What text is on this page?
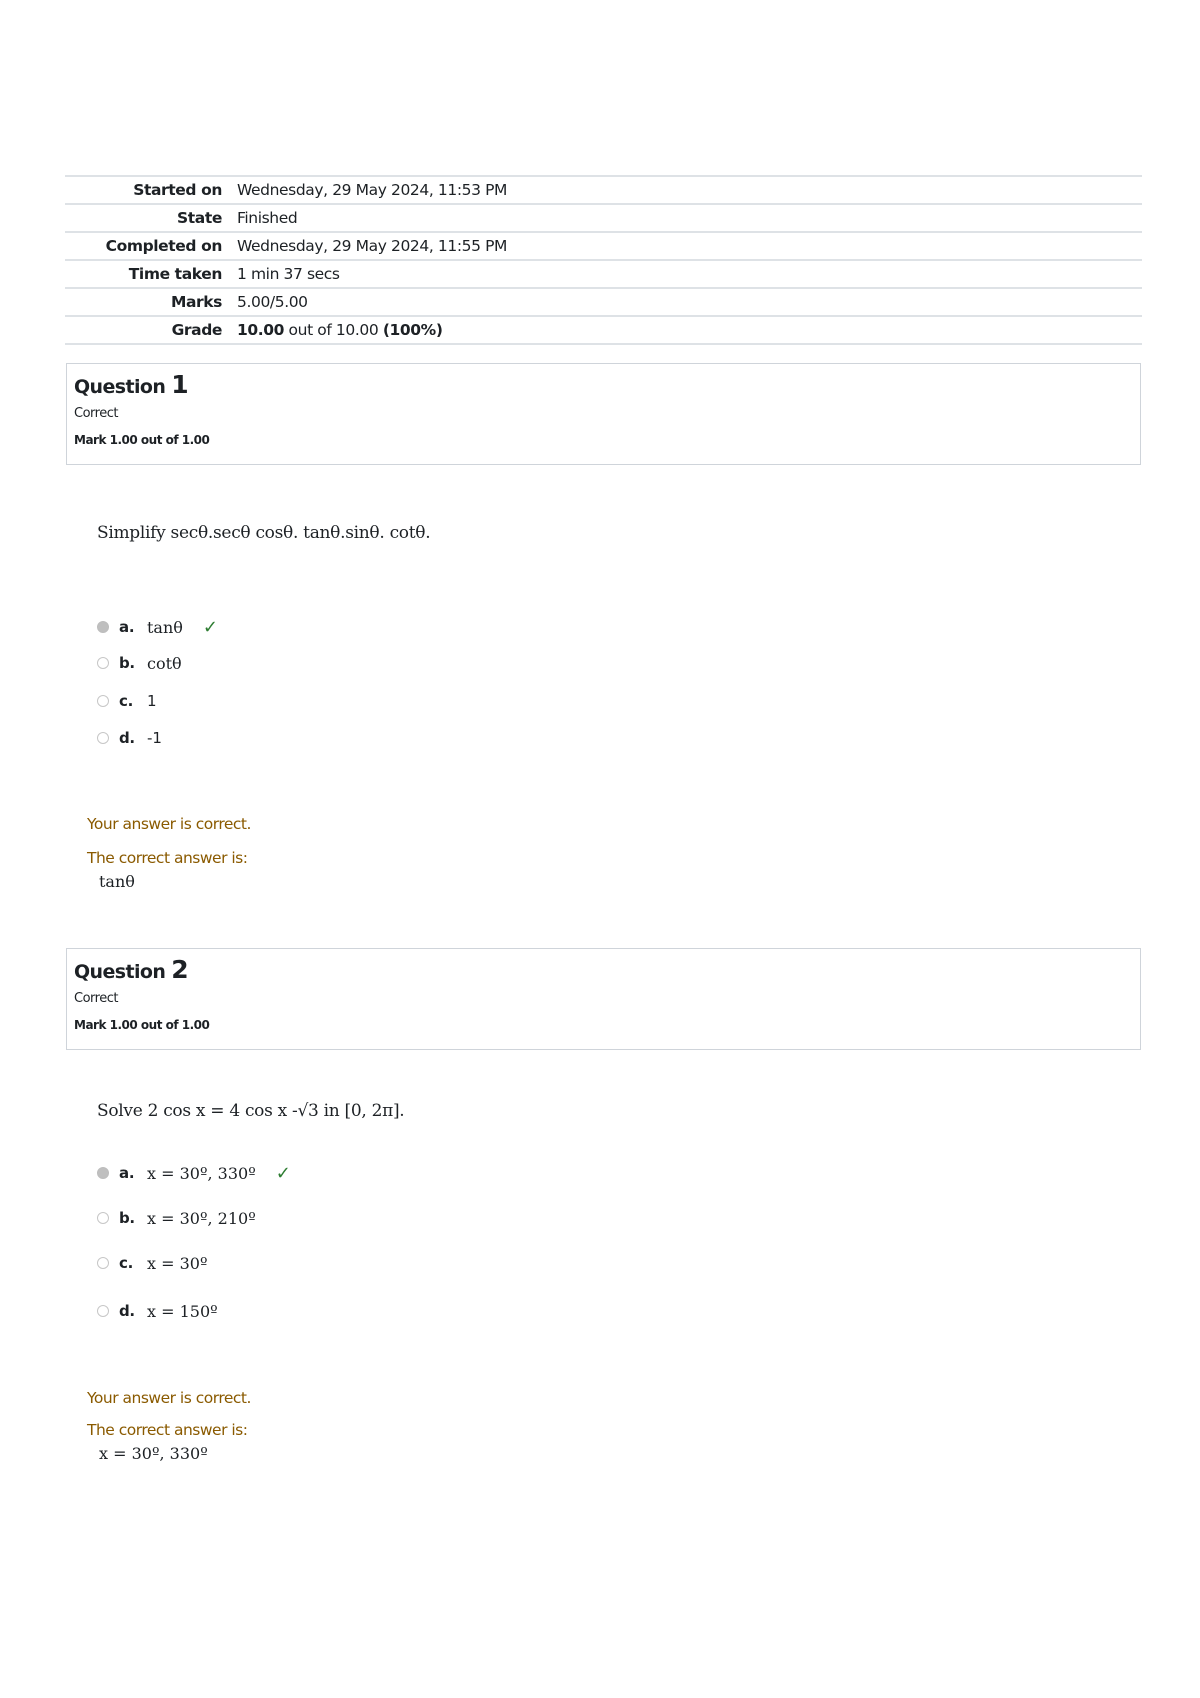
Started on	Wednesday, 29 May 2024, 11:53 PM
State	Finished
Completed on	Wednesday, 29 May 2024, 11:55 PM
Time taken	1 min 37 secs
Marks	5.00/5.00
Grade	10.00 out of 10.00 (100%)
Question 1
Correct
Mark 1.00 out of 1.00
Simplify secθ.secθ cosθ. tanθ.sinθ. cotθ.
a. tanθ ✓
b. cotθ
c. 1
d. -1
Your answer is correct.
The correct answer is:
tanθ
Question 2
Correct
Mark 1.00 out of 1.00
Solve 2 cos x = 4 cos x -√3 in [0, 2π].
a. x = 30º, 330º ✓
b. x = 30º, 210º
c. x = 30º
d. x = 150º
Your answer is correct.
The correct answer is:
x = 30º, 330º
